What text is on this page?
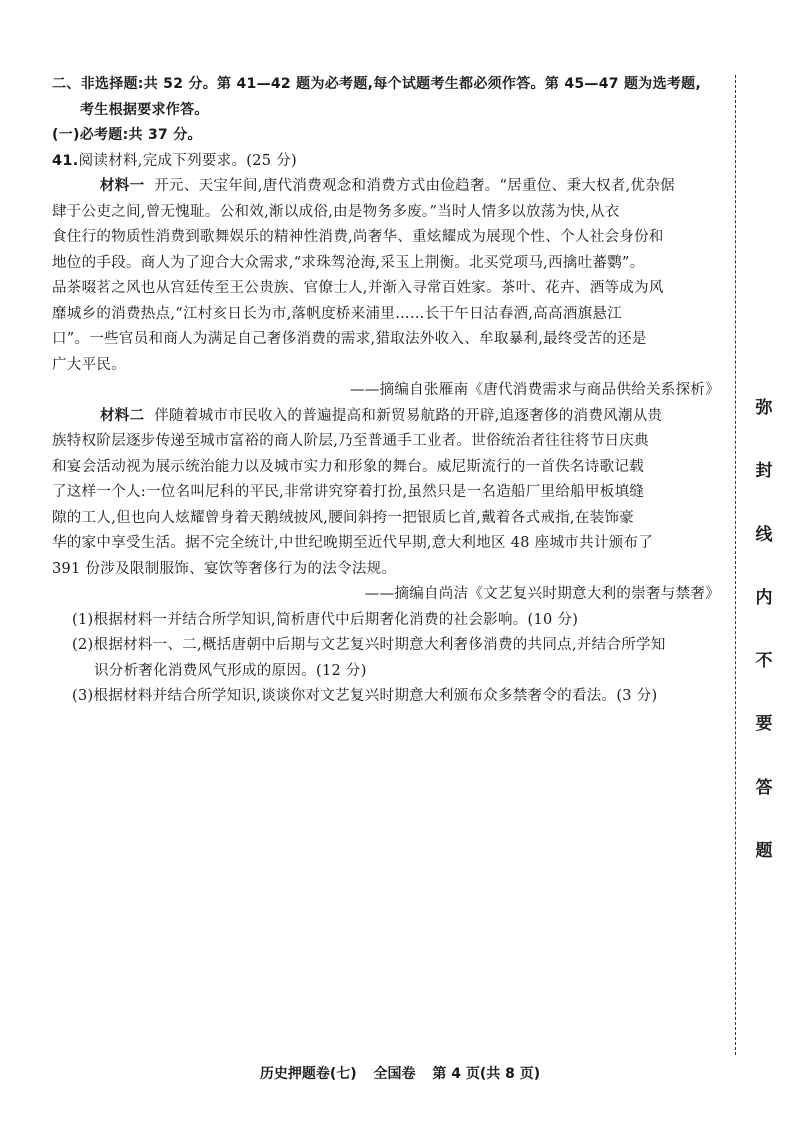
二、非选择题:共 52 分。第 41—42 题为必考题,每个试题考生都必须作答。第 45—47 题为选考题,
考生根据要求作答。
(一)必考题:共 37 分。
41.阅读材料,完成下列要求。(25 分)
材料一 开元、天宝年间,唐代消费观念和消费方式由俭趋奢。“居重位、秉大权者,优杂倨
肆于公吏之间,曾无愧耻。公和效,渐以成俗,由是物务多废。”当时人情多以放荡为快,从衣
食住行的物质性消费到歌舞娱乐的精神性消费,尚奢华、重炫耀成为展现个性、个人社会身份和
地位的手段。商人为了迎合大众需求,“求珠驾沧海,采玉上荆衡。北买党项马,西擒吐蕃鹦”。
品茶啜茗之风也从宫廷传至王公贵族、官僚士人,并渐入寻常百姓家。茶叶、花卉、酒等成为风
靡城乡的消费热点,“江村亥日长为市,落帆度桥来浦里……长干午日沽春酒,高高酒旗悬江
口”。一些官员和商人为满足自己奢侈消费的需求,猎取法外收入、牟取暴利,最终受苦的还是
广大平民。
——摘编自张雁南《唐代消费需求与商品供给关系探析》
材料二 伴随着城市市民收入的普遍提高和新贸易航路的开辟,追逐奢侈的消费风潮从贵
族特权阶层逐步传递至城市富裕的商人阶层,乃至普通手工业者。世俗统治者往往将节日庆典
和宴会活动视为展示统治能力以及城市实力和形象的舞台。威尼斯流行的一首佚名诗歌记载
了这样一个人:一位名叫尼科的平民,非常讲究穿着打扮,虽然只是一名造船厂里给船甲板填缝
隙的工人,但也向人炫耀曾身着天鹅绒披风,腰间斜挎一把银质匕首,戴着各式戒指,在装饰豪
华的家中享受生活。据不完全统计,中世纪晚期至近代早期,意大利地区 48 座城市共计颁布了
391 份涉及限制服饰、宴饮等奢侈行为的法令法规。
——摘编自尚洁《文艺复兴时期意大利的崇奢与禁奢》
(1)根据材料一并结合所学知识,简析唐代中后期奢化消费的社会影响。(10 分)
(2)根据材料一、二,概括唐朝中后期与文艺复兴时期意大利奢侈消费的共同点,并结合所学知
识分析奢化消费风气形成的原因。(12 分)
(3)根据材料并结合所学知识,谈谈你对文艺复兴时期意大利颁布众多禁奢令的看法。(3 分)
弥
封
线
内
不
要
答
题
历史押题卷(七) 全国卷 第 4 页(共 8 页)
